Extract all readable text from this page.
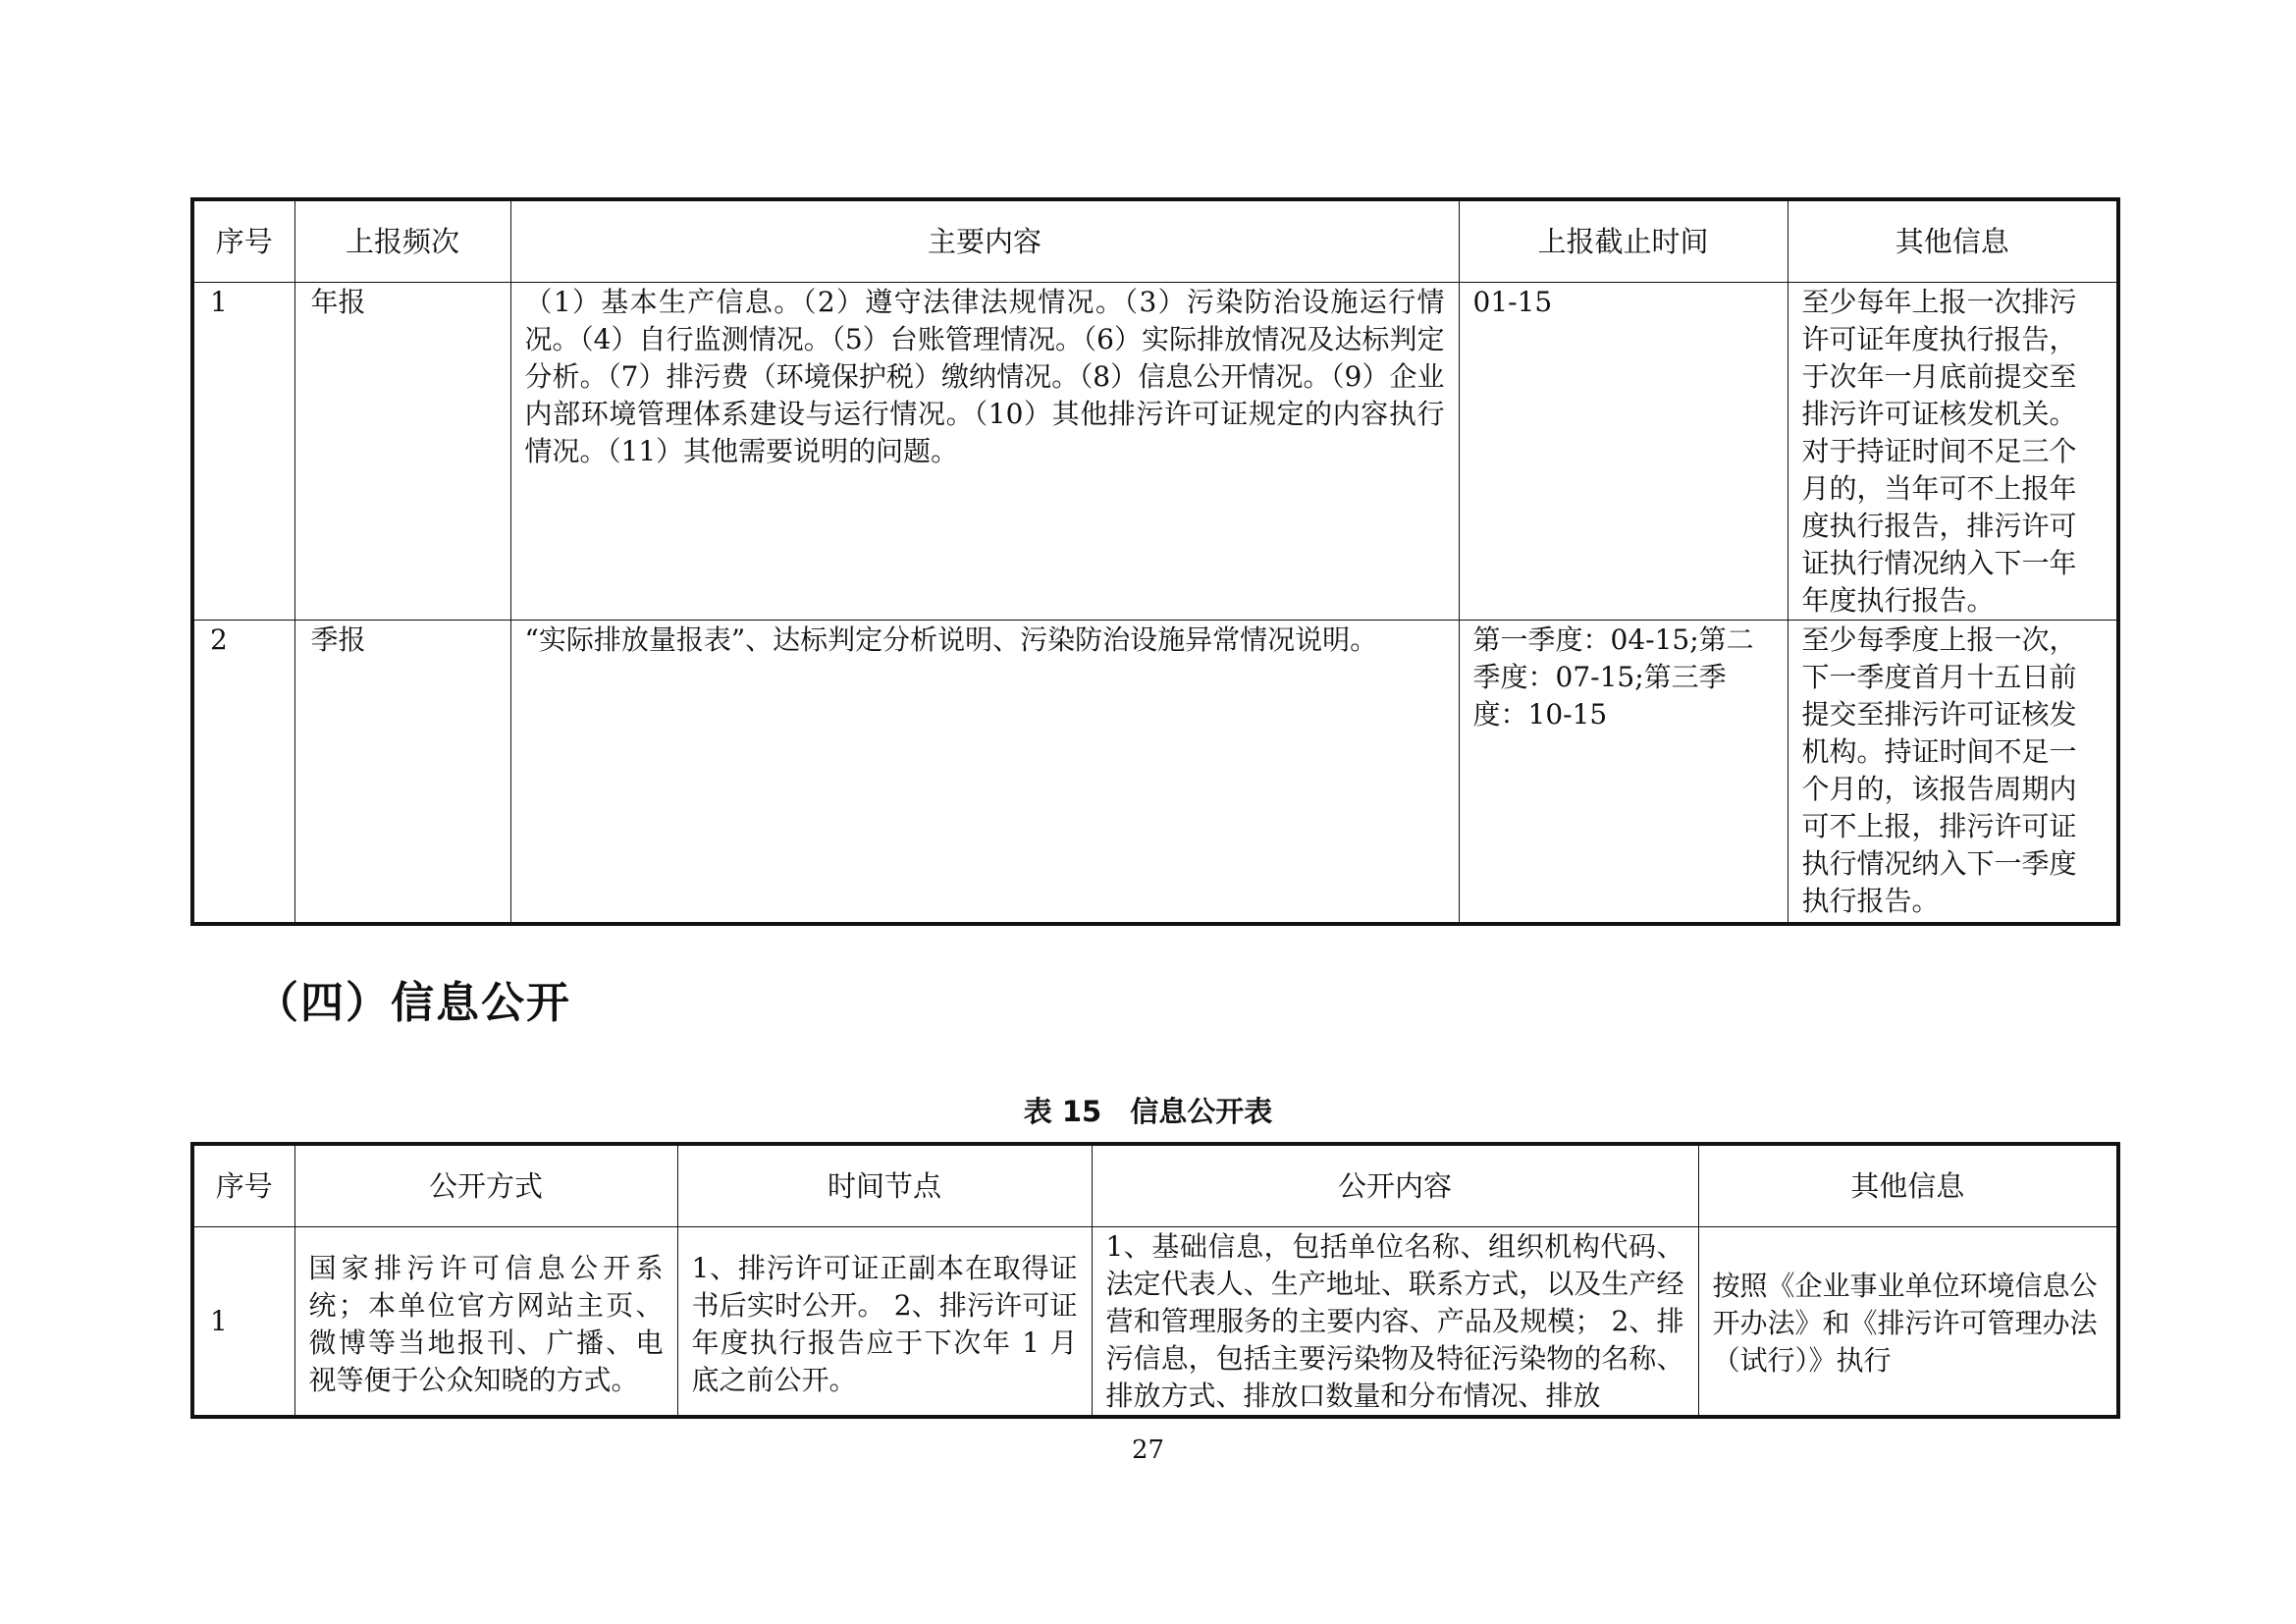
序号	上报频次	主要内容	上报截止时间	其他信息
1	年报	（1）基本生产信息。（2）遵守法律法规情况。（3）污染防治设施运行情况。（4）自行监测情况。（5）台账管理情况。（6）实际排放情况及达标判定分析。（7）排污费（环境保护税）缴纳情况。（8）信息公开情况。（9）企业内部环境管理体系建设与运行情况。（10）其他排污许可证规定的内容执行情况。（11）其他需要说明的问题。	01-15	至少每年上报一次排污许可证年度执行报告，于次年一月底前提交至排污许可证核发机关。对于持证时间不足三个月的，当年可不上报年度执行报告，排污许可证执行情况纳入下一年年度执行报告。
2	季报	“实际排放量报表”、达标判定分析说明、污染防治设施异常情况说明。	第一季度：04-15;第二季度：07-15;第三季度：10-15	至少每季度上报一次，下一季度首月十五日前提交至排污许可证核发机构。持证时间不足一个月的，该报告周期内可不上报，排污许可证执行情况纳入下一季度执行报告。
（四）信息公开
表 15　信息公开表
序号	公开方式	时间节点	公开内容	其他信息

1	国家排污许可信息公开系统；本单位官方网站主页、微博等当地报刊、广播、电视等便于公众知晓的方式。	1、排污许可证正副本在取得证书后实时公开。 2、排污许可证年度执行报告应于下次年 1 月底之前公开。	1、基础信息，包括单位名称、组织机构代码、法定代表人、生产地址、联系方式，以及生产经营和管理服务的主要内容、产品及规模； 2、排污信息，包括主要污染物及特征污染物的名称、排放方式、排放口数量和分布情况、排放	按照《企业事业单位环境信息公开办法》和《排污许可管理办法（试行）》执行
27
